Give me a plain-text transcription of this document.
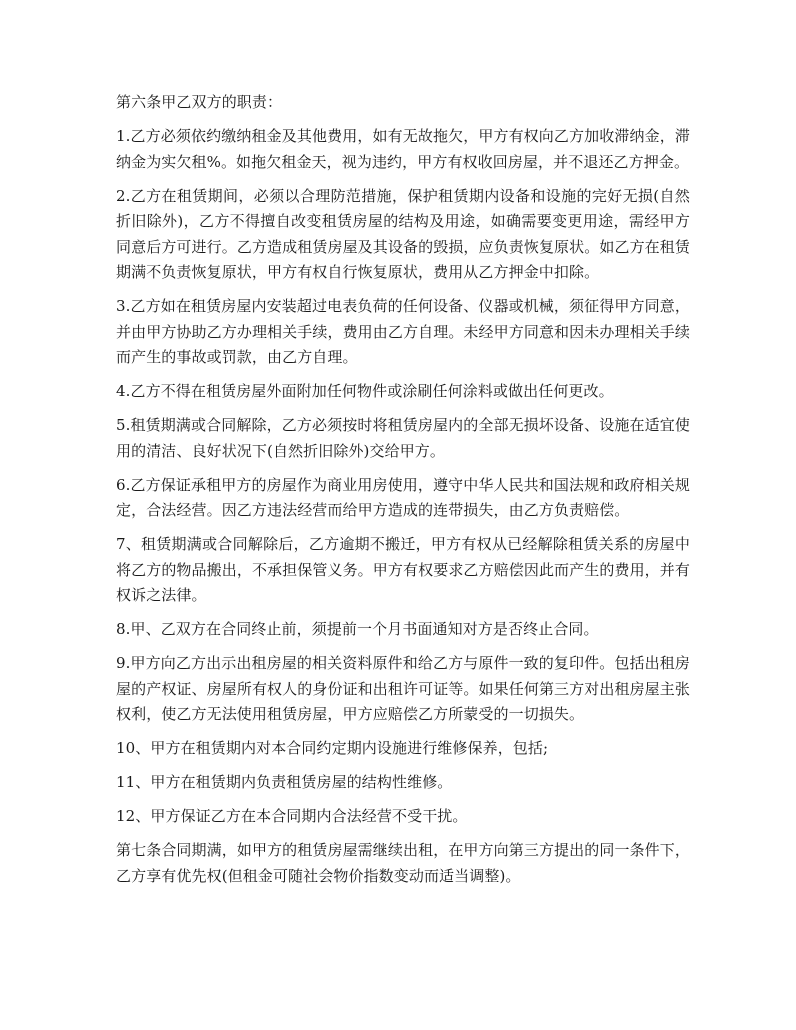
第六条甲乙双方的职责：

1.乙方必须依约缴纳租金及其他费用，如有无故拖欠，甲方有权向乙方加收滞纳金，滞纳金为实欠租%。如拖欠租金天，视为违约，甲方有权收回房屋，并不退还乙方押金。

2.乙方在租赁期间，必须以合理防范措施，保护租赁期内设备和设施的完好无损(自然折旧除外)，乙方不得擅自改变租赁房屋的结构及用途，如确需要变更用途，需经甲方同意后方可进行。乙方造成租赁房屋及其设备的毁损，应负责恢复原状。如乙方在租赁期满不负责恢复原状，甲方有权自行恢复原状，费用从乙方押金中扣除。

3.乙方如在租赁房屋内安装超过电表负荷的任何设备、仪器或机械，须征得甲方同意，并由甲方协助乙方办理相关手续，费用由乙方自理。未经甲方同意和因未办理相关手续而产生的事故或罚款，由乙方自理。

4.乙方不得在租赁房屋外面附加任何物件或涂刷任何涂料或做出任何更改。

5.租赁期满或合同解除，乙方必须按时将租赁房屋内的全部无损坏设备、设施在适宜使用的清洁、良好状况下(自然折旧除外)交给甲方。

6.乙方保证承租甲方的房屋作为商业用房使用，遵守中华人民共和国法规和政府相关规定，合法经营。因乙方违法经营而给甲方造成的连带损失，由乙方负责赔偿。

7、租赁期满或合同解除后，乙方逾期不搬迁，甲方有权从已经解除租赁关系的房屋中将乙方的物品搬出，不承担保管义务。甲方有权要求乙方赔偿因此而产生的费用，并有权诉之法律。

8.甲、乙双方在合同终止前，须提前一个月书面通知对方是否终止合同。

9.甲方向乙方出示出租房屋的相关资料原件和给乙方与原件一致的复印件。包括出租房屋的产权证、房屋所有权人的身份证和出租许可证等。如果任何第三方对出租房屋主张权利，使乙方无法使用租赁房屋，甲方应赔偿乙方所蒙受的一切损失。

10、甲方在租赁期内对本合同约定期内设施进行维修保养，包括;

11、甲方在租赁期内负责租赁房屋的结构性维修。

12、甲方保证乙方在本合同期内合法经营不受干扰。

第七条合同期满，如甲方的租赁房屋需继续出租，在甲方向第三方提出的同一条件下，乙方享有优先权(但租金可随社会物价指数变动而适当调整)。
